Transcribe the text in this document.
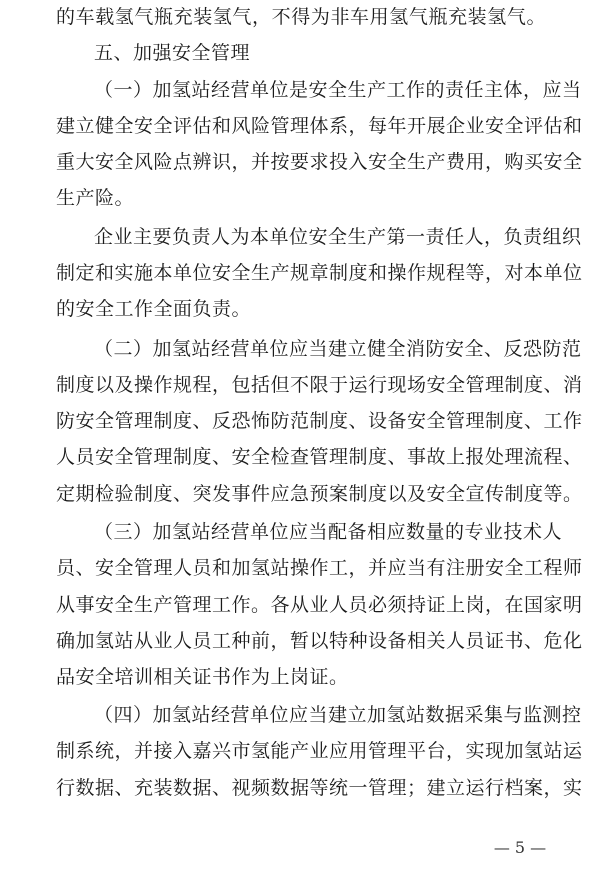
的车载氢气瓶充装氢气，不得为非车用氢气瓶充装氢气。
五、加强安全管理
（一）加氢站经营单位是安全生产工作的责任主体，应当
建立健全安全评估和风险管理体系，每年开展企业安全评估和
重大安全风险点辨识，并按要求投入安全生产费用，购买安全
生产险。
企业主要负责人为本单位安全生产第一责任人，负责组织
制定和实施本单位安全生产规章制度和操作规程等，对本单位
的安全工作全面负责。
（二）加氢站经营单位应当建立健全消防安全、反恐防范
制度以及操作规程，包括但不限于运行现场安全管理制度、消
防安全管理制度、反恐怖防范制度、设备安全管理制度、工作
人员安全管理制度、安全检查管理制度、事故上报处理流程、
定期检验制度、突发事件应急预案制度以及安全宣传制度等。
（三）加氢站经营单位应当配备相应数量的专业技术人
员、安全管理人员和加氢站操作工，并应当有注册安全工程师
从事安全生产管理工作。各从业人员必须持证上岗，在国家明
确加氢站从业人员工种前，暂以特种设备相关人员证书、危化
品安全培训相关证书作为上岗证。
（四）加氢站经营单位应当建立加氢站数据采集与监测控
制系统，并接入嘉兴市氢能产业应用管理平台，实现加氢站运
行数据、充装数据、视频数据等统一管理；建立运行档案，实
— 5 —
